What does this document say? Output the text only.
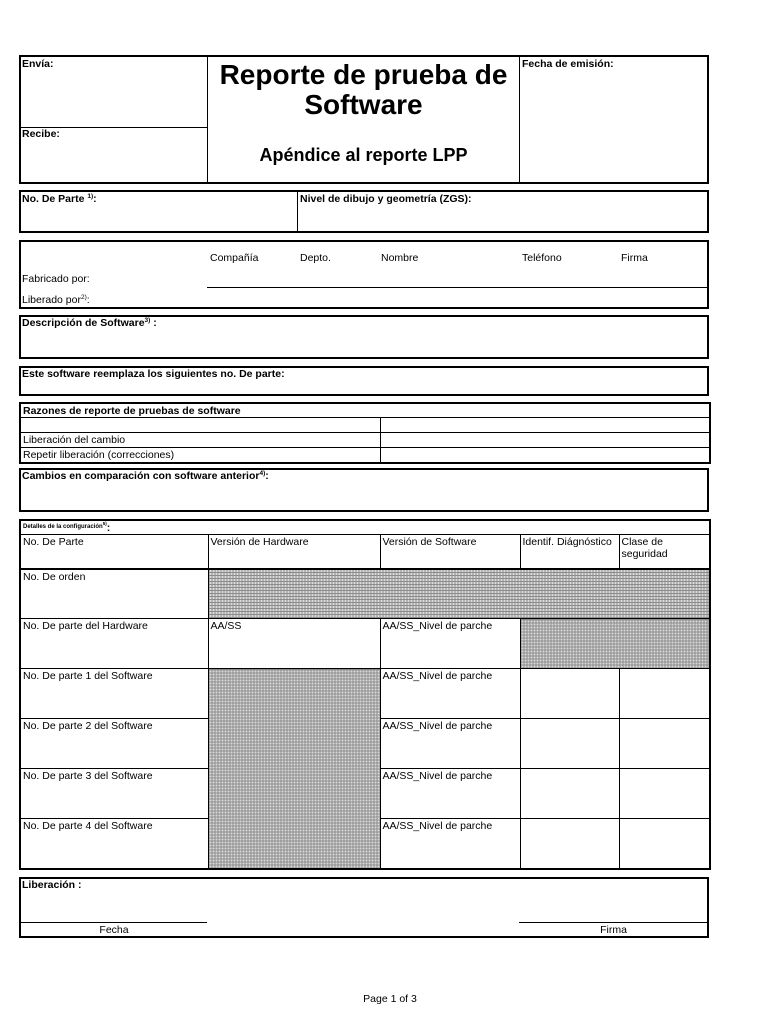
Envía:
Recibe:
Reporte de prueba de Software
Apéndice al reporte LPP
Fecha de emisión:
No. De Parte $^{1)}$:	Nivel de dibujo y geometría (ZGS):
Compañía	Depto.	Nombre	Teléfono	Firma
Fabricado por:
Liberado por$^{2)}$:
Descripción de Software$^{3)}$ :
Este software reemplaza los siguientes no. De parte:
Razones de reporte de pruebas de software	

Liberación del cambio	
Repetir liberación (correcciones)	
Cambios en comparación con software anterior$^{4)}$:
$^{Detalles de la configuración5)}$:				
No. De Parte	Versión de Hardware	Versión de Software	Identif. Diágnóstico	Clase de seguridad
No. De orden				
No. De parte del Hardware	AA/SS	AA/SS_Nivel de parche		
No. De parte 1 del Software		AA/SS_Nivel de parche		
No. De parte 2 del Software		AA/SS_Nivel de parche		
No. De parte 3 del Software		AA/SS_Nivel de parche		
No. De parte 4 del Software		AA/SS_Nivel de parche		
Liberación :
Fecha	Firma
Page 1 of 3
